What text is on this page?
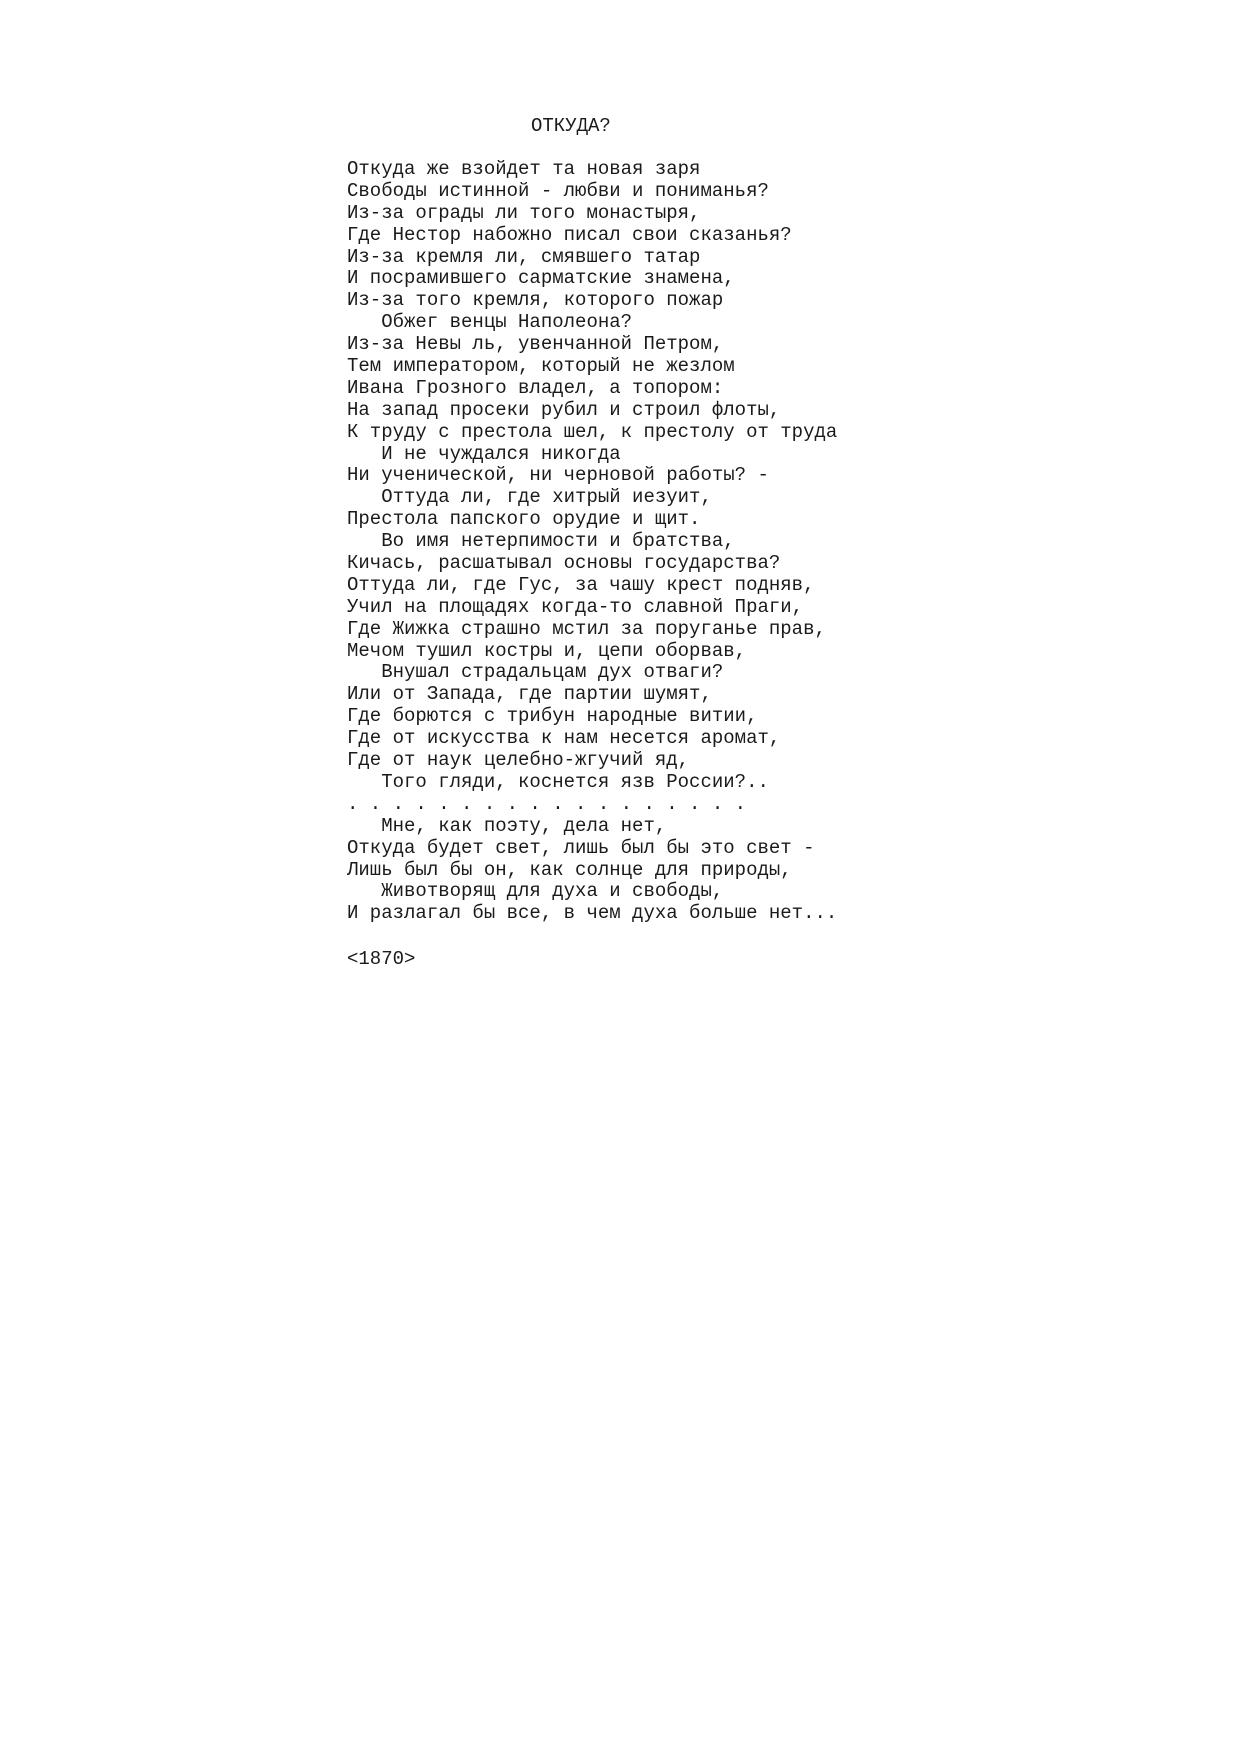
ОТКУДА?
Откуда же взойдет та новая заря
Свободы истинной - любви и пониманья?
Из-за ограды ли того монастыря,
Где Нестор набожно писал свои сказанья?
Из-за кремля ли, смявшего татар
И посрамившего сарматские знамена,
Из-за того кремля, которого пожар
Обжег венцы Наполеона?
Из-за Невы ль, увенчанной Петром,
Тем императором, который не жезлом
Ивана Грозного владел, а топором:
На запад просеки рубил и строил флоты,
К труду с престола шел, к престолу от труда
И не чуждался никогда
Ни ученической, ни черновой работы? -
Оттуда ли, где хитрый иезуит,
Престола папского орудие и щит.
Во имя нетерпимости и братства,
Кичась, расшатывал основы государства?
Оттуда ли, где Гус, за чашу крест подняв,
Учил на площадях когда-то славной Праги,
Где Жижка страшно мстил за поруганье прав,
Мечом тушил костры и, цепи оборвав,
Внушал страдальцам дух отваги?
Или от Запада, где партии шумят,
Где борются с трибун народные витии,
Где от искусства к нам несется аромат,
Где от наук целебно-жгучий яд,
Того гляди, коснется язв России?..
. . . . . . . . . . . . . . . . . .
Мне, как поэту, дела нет,
Откуда будет свет, лишь был бы это свет -
Лишь был бы он, как солнце для природы,
Животворящ для духа и свободы,
И разлагал бы все, в чем духа больше нет...

<1870>
